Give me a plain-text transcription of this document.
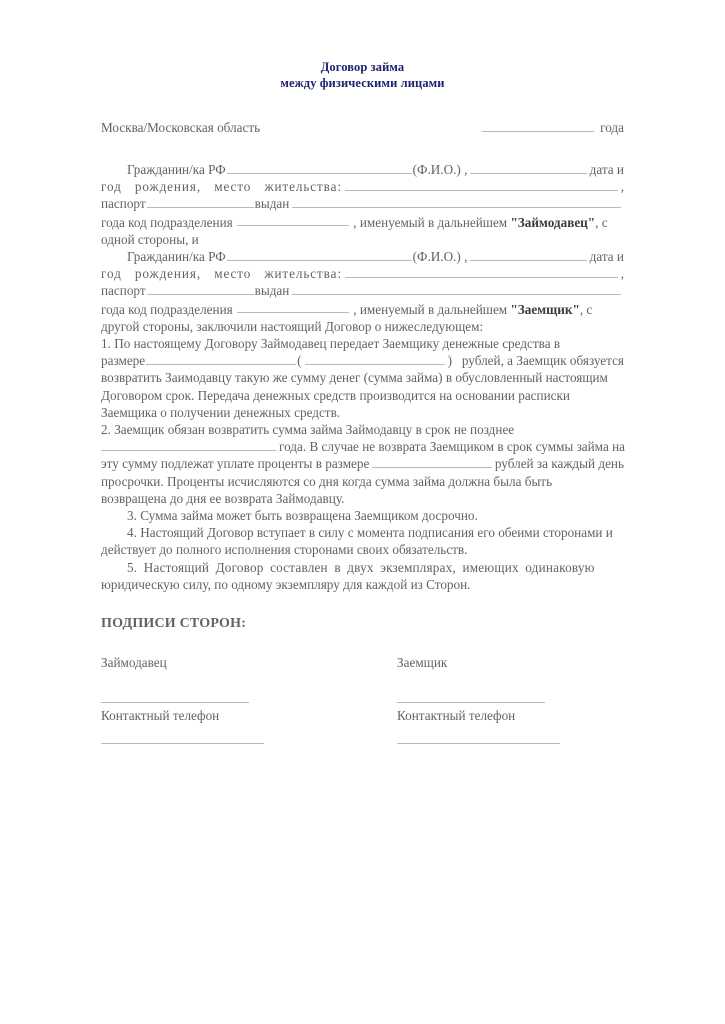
Договор займа
между физическими лицами
Москва/Московская область	года
Гражданин/ка РФ	(Ф.И.О.) ,	дата и
год рождения, место жительства:	,
паспорт	выдан

года код подразделения	, именуемый в дальнейшем "Займодавец", с

одной стороны, и

Гражданин/ка РФ	(Ф.И.О.) ,	дата и
год рождения, место жительства:	,
паспорт	выдан

года код подразделения	, именуемый в дальнейшем "Заемщик", с

другой стороны, заключили настоящий Договор о нижеследующем:

1. По настоящему Договору Займодавец передает Заемщику денежные средства в

размере	(	)   рублей, а Заемщик обязуется

возвратить Заимодавцу такую же сумму денег (сумма займа) в обусловленный настоящим

Договором срок. Передача денежных средств производится на основании расписки

Заемщика о получении денежных средств.

2. Заемщик обязан возвратить сумма займа Займодавцу в срок не позднее

года. В случае не возврата Заемщиком в срок суммы займа на
эту сумму подлежат уплате проценты в размере	рублей за каждый день

просрочки. Проценты исчисляются со дня когда сумма займа должна была быть

возвращена до дня ее возврата Займодавцу.

3. Сумма займа может быть возвращена Заемщиком досрочно.

4. Настоящий Договор вступает в силу с момента подписания его обеими сторонами и

действует до полного исполнения сторонами своих обязательств.

5. Настоящий Договор составлен в двух экземплярах, имеющих одинаковую

юридическую силу, по одному экземпляру для каждой из Сторон.

ПОДПИСИ СТОРОН:
Займодавец
Контактный телефон
Заемщик
Контактный телефон
